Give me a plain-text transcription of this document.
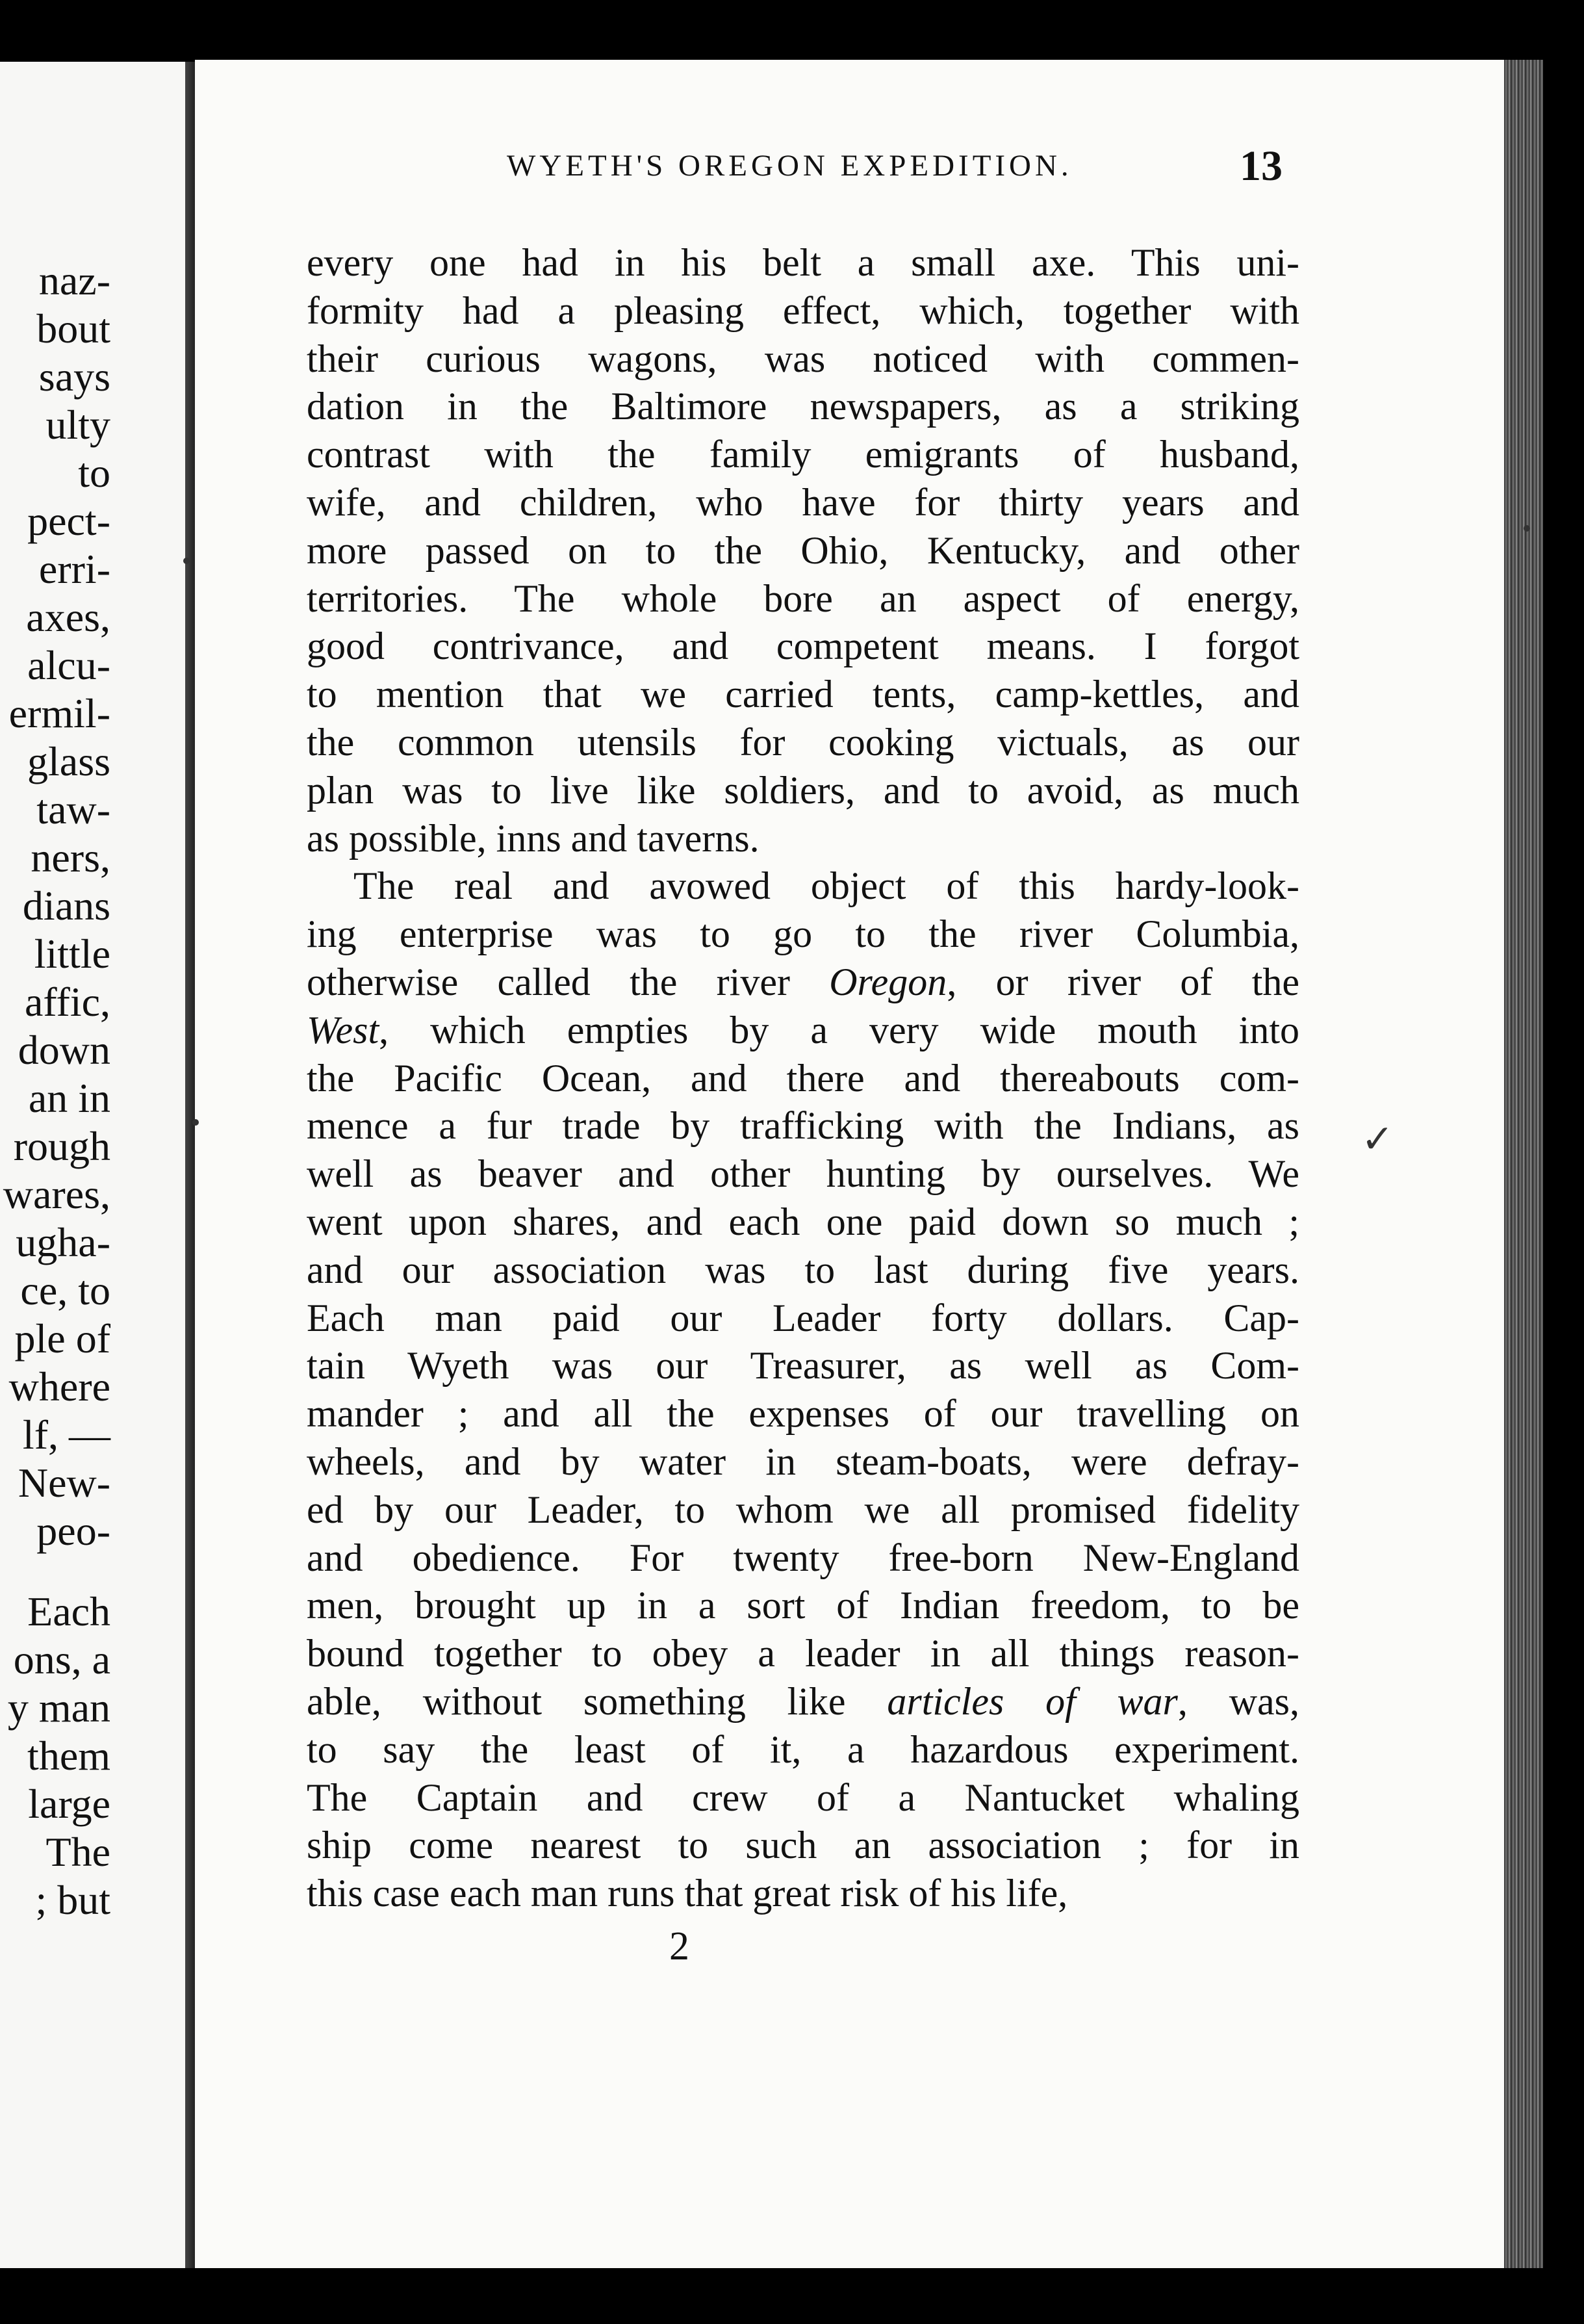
naz-
bout
says
ulty
to
pect-
erri-
axes,
alcu-
ermil-
glass
taw-
ners,
dians
little
affic,
down
an in
rough
wares,
ugha-
ce, to
ple of
where
lf, —
New-
peo-
Each
ons, a
y man
them
large
The
; but
WYETH'S OREGON EXPEDITION.	13
every one had in his belt a small axe. This uni-
formity had a pleasing effect, which, together with
their curious wagons, was noticed with commen-
dation in the Baltimore newspapers, as a striking
contrast with the family emigrants of husband,
wife, and children, who have for thirty years and
more passed on to the Ohio, Kentucky, and other
territories. The whole bore an aspect of energy,
good contrivance, and competent means. I forgot
to mention that we carried tents, camp-kettles, and
the common utensils for cooking victuals, as our
plan was to live like soldiers, and to avoid, as much
as possible, inns and taverns.
The real and avowed object of this hardy-look-
ing enterprise was to go to the river Columbia,
otherwise called the river Oregon, or river of the
West, which empties by a very wide mouth into
the Pacific Ocean, and there and thereabouts com-
mence a fur trade by trafficking with the Indians, as
well as beaver and other hunting by ourselves. We
went upon shares, and each one paid down so much ;
and our association was to last during five years.
Each man paid our Leader forty dollars. Cap-
tain Wyeth was our Treasurer, as well as Com-
mander ; and all the expenses of our travelling on
wheels, and by water in steam-boats, were defray-
ed by our Leader, to whom we all promised fidelity
and obedience. For twenty free-born New-England
men, brought up in a sort of Indian freedom, to be
bound together to obey a leader in all things reason-
able, without something like articles of war, was,
to say the least of it, a hazardous experiment.
The Captain and crew of a Nantucket whaling
ship come nearest to such an association ; for in
this case each man runs that great risk of his life,
2
✓
